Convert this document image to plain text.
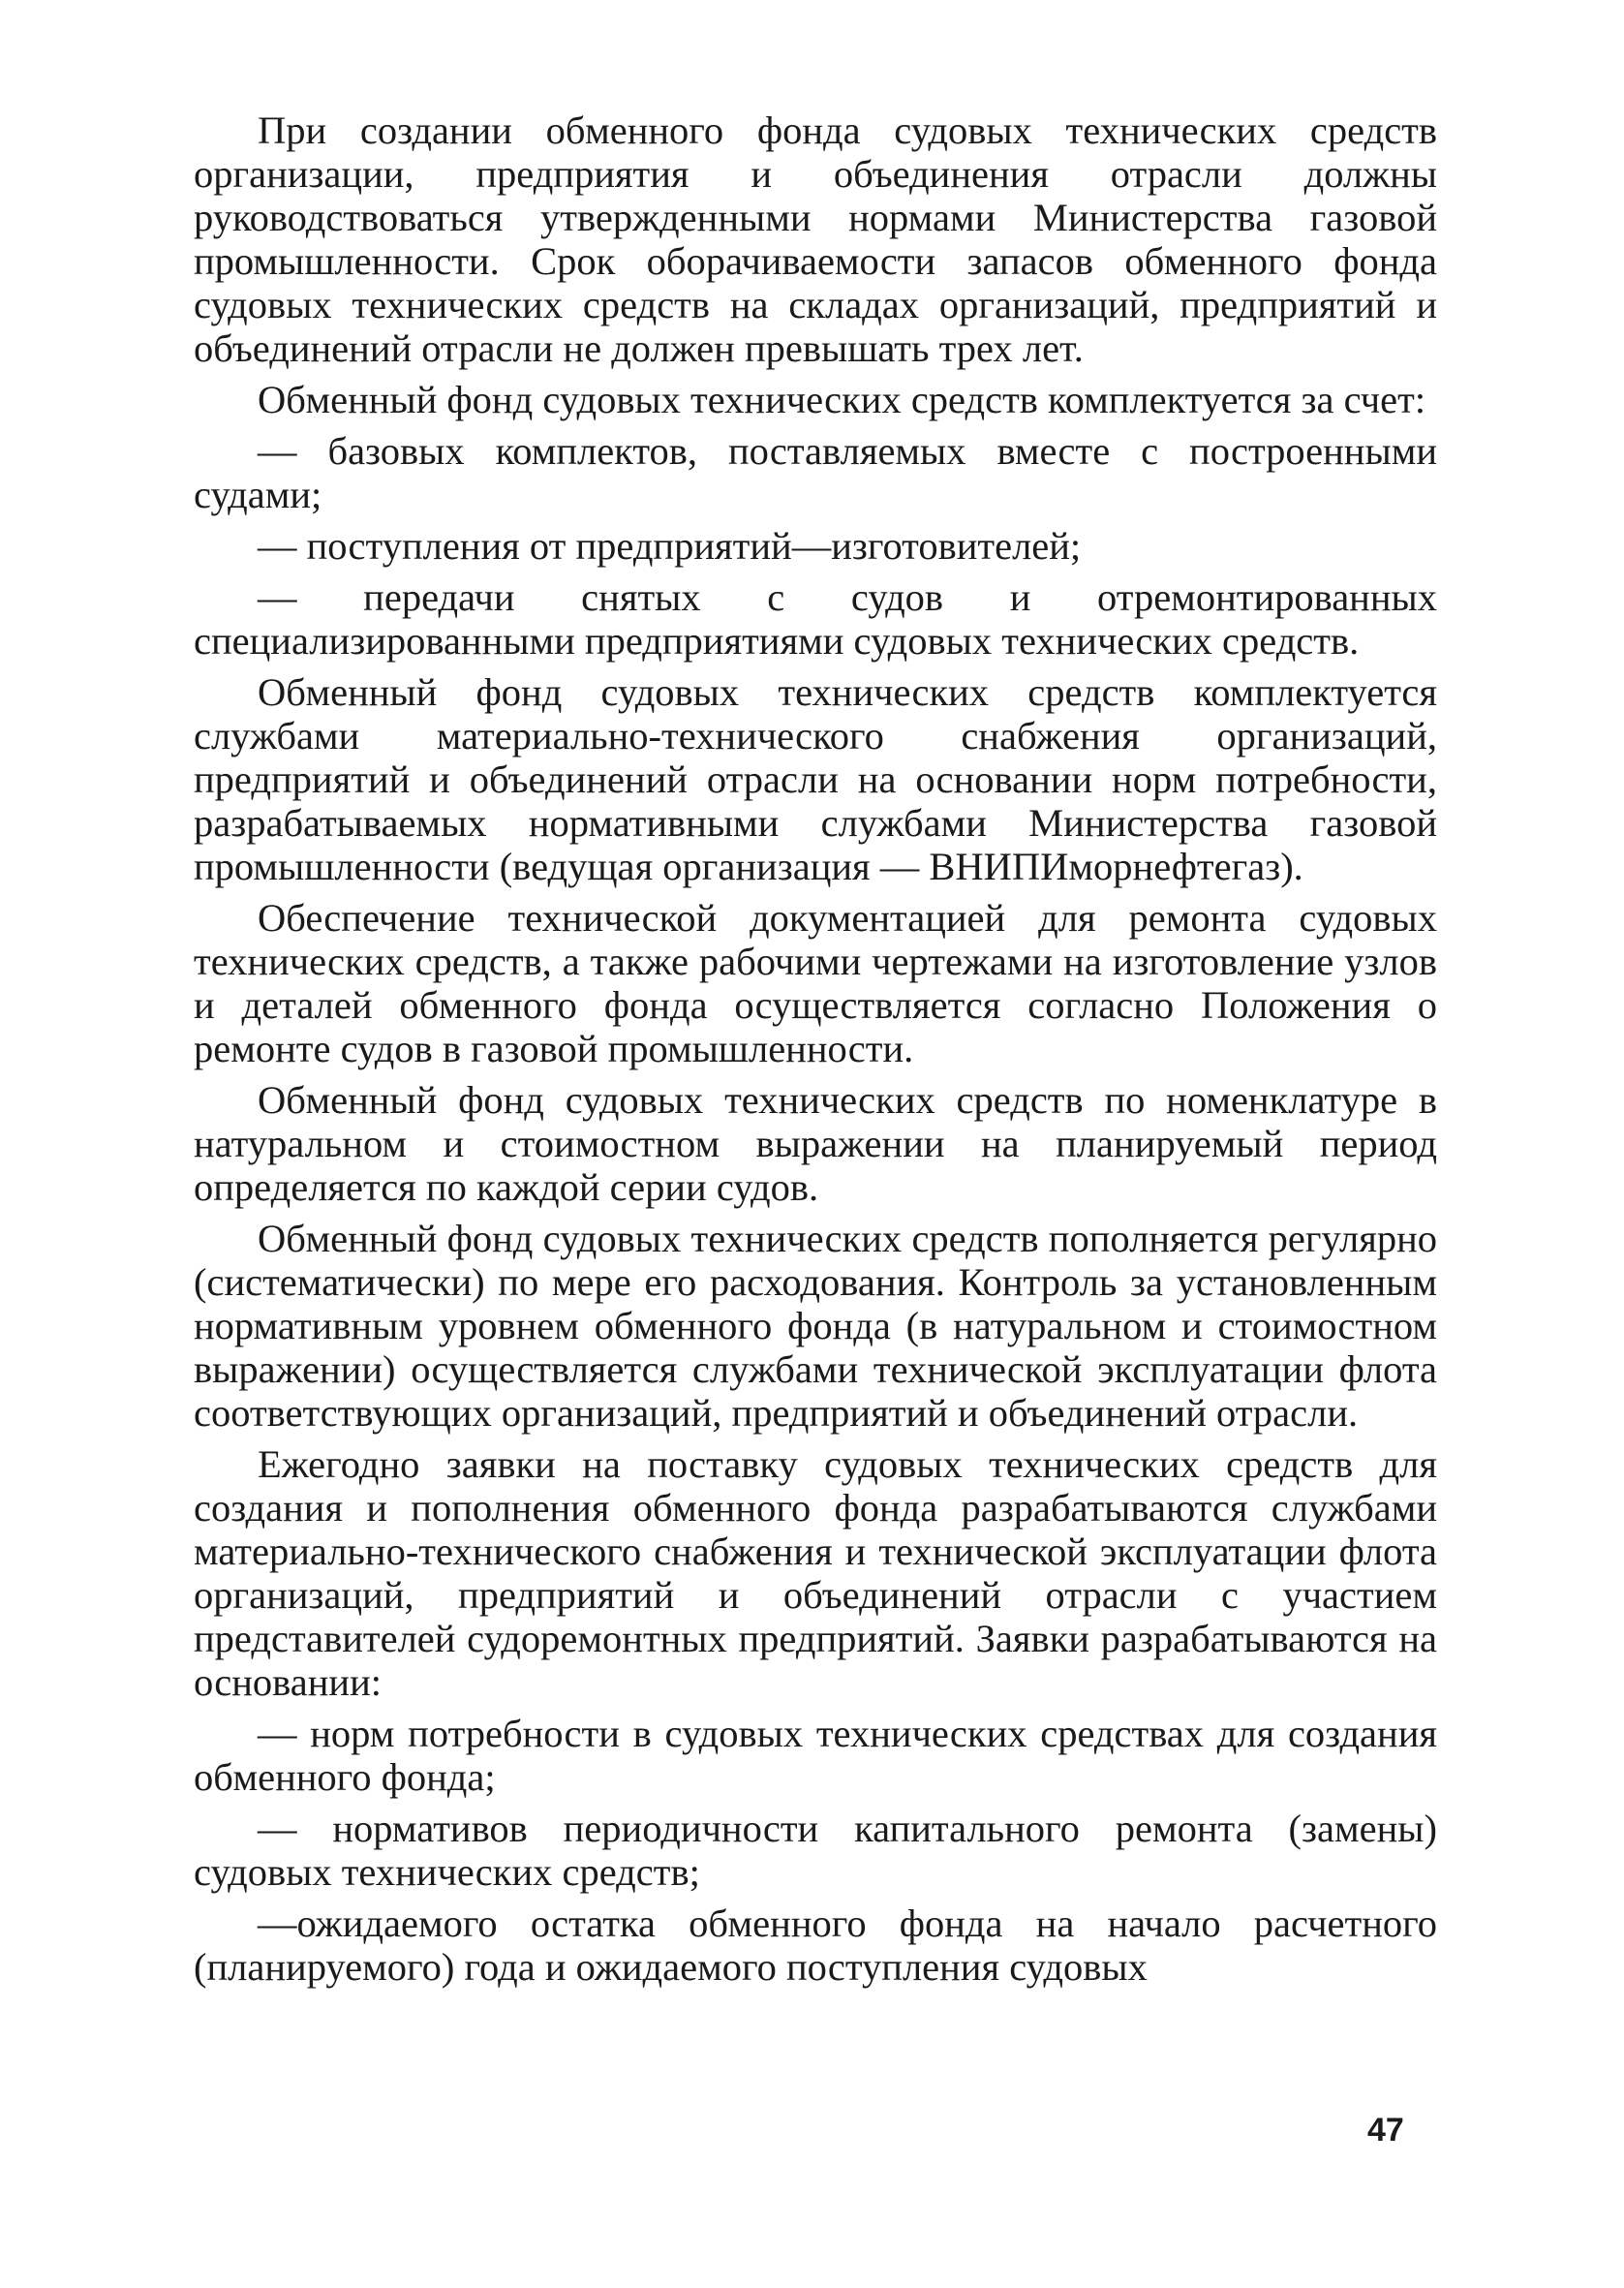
При создании обменного фонда судовых технических средств организации, предприятия и объединения отрасли должны руководствоваться утвержденными нормами Министерства газовой промышленности. Срок оборачиваемости запасов обменного фонда судовых технических средств на складах организаций, предприятий и объединений отрасли не должен превышать трех лет.

Обменный фонд судовых технических средств комплектуется за счет:

— базовых комплектов, поставляемых вместе с построенными судами;

— поступления от предприятий—изготовителей;

— передачи снятых с судов и отремонтированных специализированными предприятиями судовых технических средств.

Обменный фонд судовых технических средств комплектуется службами материально-технического снабжения организаций, предприятий и объединений отрасли на основании норм потребности, разрабатываемых нормативными службами Министерства газовой промышленности (ведущая организация — ВНИПИморнефтегаз).

Обеспечение технической документацией для ремонта судовых технических средств, а также рабочими чертежами на изготовление узлов и деталей обменного фонда осуществляется согласно Положения о ремонте судов в газовой промышленности.

Обменный фонд судовых технических средств по номенклатуре в натуральном и стоимостном выражении на планируемый период определяется по каждой серии судов.

Обменный фонд судовых технических средств пополняется регулярно (систематически) по мере его расходования. Контроль за установленным нормативным уровнем обменного фонда (в натуральном и стоимостном выражении) осуществляется службами технической эксплуатации флота соответствующих организаций, предприятий и объединений отрасли.

Ежегодно заявки на поставку судовых технических средств для создания и пополнения обменного фонда разрабатываются службами материально-технического снабжения и технической эксплуатации флота организаций, предприятий и объединений отрасли с участием представителей судоремонтных предприятий. Заявки разрабатываются на основании:

— норм потребности в судовых технических средствах для создания обменного фонда;

— нормативов периодичности капитального ремонта (замены) судовых технических средств;

—ожидаемого остатка обменного фонда на начало расчетного (планируемого) года и ожидаемого поступления судовых

47
